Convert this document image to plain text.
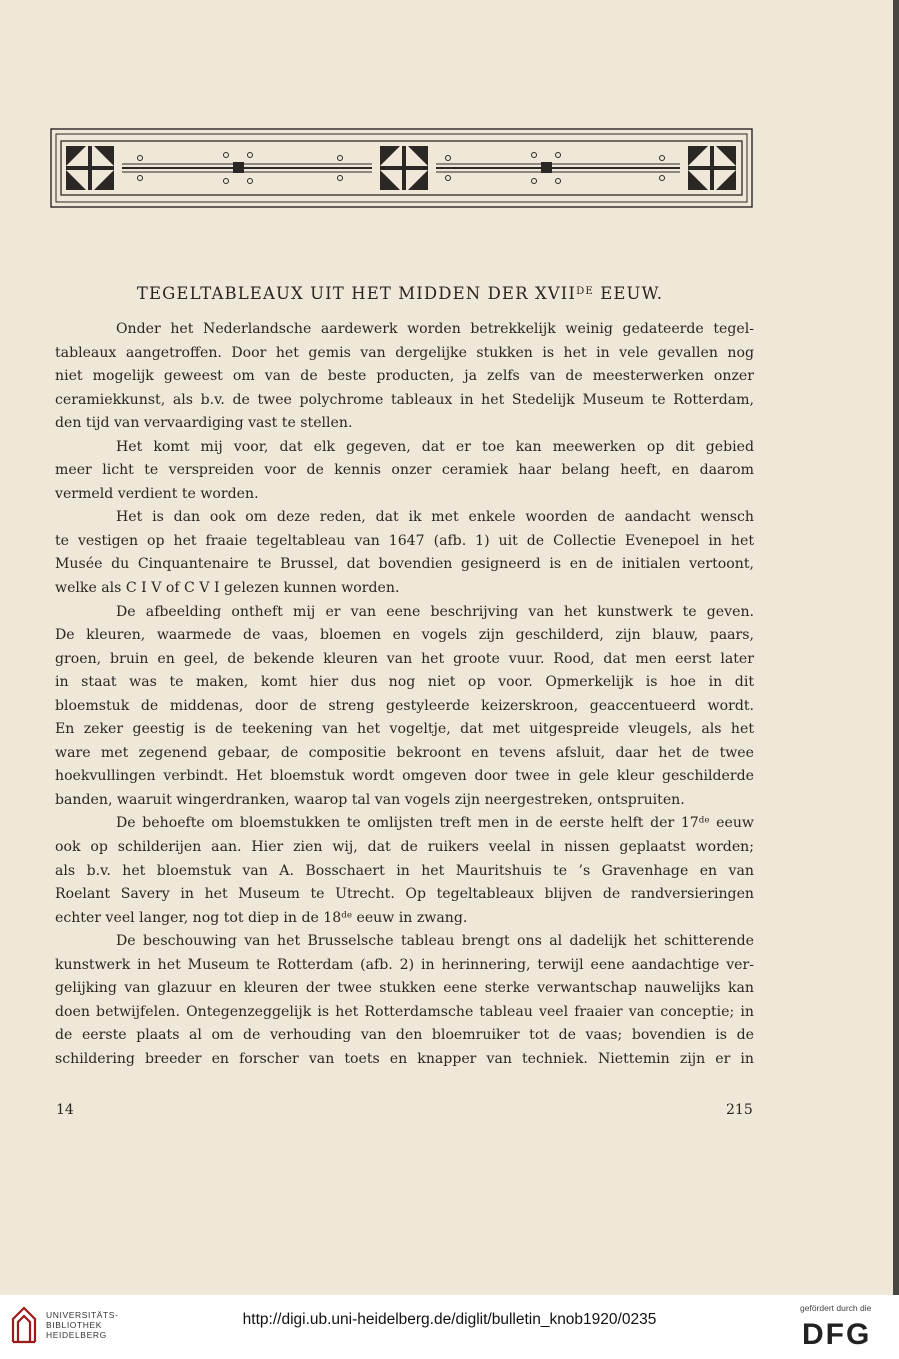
TEGELTABLEAUX UIT HET MIDDEN DER XVIIDE EEUW.

Onder het Nederlandsche aardewerk worden betrekkelijk weinig gedateerde tegel-
tableaux aangetroffen. Door het gemis van dergelijke stukken is het in vele gevallen nog
niet mogelijk geweest om van de beste producten, ja zelfs van de meesterwerken onzer
ceramiekkunst, als b.v. de twee polychrome tableaux in het Stedelijk Museum te Rotterdam,
den tijd van vervaardiging vast te stellen.

Het komt mij voor, dat elk gegeven, dat er toe kan meewerken op dit gebied
meer licht te verspreiden voor de kennis onzer ceramiek haar belang heeft, en daarom
vermeld verdient te worden.

Het is dan ook om deze reden, dat ik met enkele woorden de aandacht wensch
te vestigen op het fraaie tegeltableau van 1647 (afb. 1) uit de Collectie Evenepoel in het
Musée du Cinquantenaire te Brussel, dat bovendien gesigneerd is en de initialen vertoont,
welke als C I V of C V I gelezen kunnen worden.

De afbeelding ontheft mij er van eene beschrijving van het kunstwerk te geven.
De kleuren, waarmede de vaas, bloemen en vogels zijn geschilderd, zijn blauw, paars,
groen, bruin en geel, de bekende kleuren van het groote vuur. Rood, dat men eerst later
in staat was te maken, komt hier dus nog niet op voor. Opmerkelijk is hoe in dit
bloemstuk de middenas, door de streng gestyleerde keizerskroon, geaccentueerd wordt.
En zeker geestig is de teekening van het vogeltje, dat met uitgespreide vleugels, als het
ware met zegenend gebaar, de compositie bekroont en tevens afsluit, daar het de twee
hoekvullingen verbindt. Het bloemstuk wordt omgeven door twee in gele kleur geschilderde
banden, waaruit wingerdranken, waarop tal van vogels zijn neergestreken, ontspruiten.

De behoefte om bloemstukken te omlijsten treft men in de eerste helft der 17de eeuw
ook op schilderijen aan. Hier zien wij, dat de ruikers veelal in nissen geplaatst worden;
als b.v. het bloemstuk van A. Bosschaert in het Mauritshuis te ’s Gravenhage en van
Roelant Savery in het Museum te Utrecht. Op tegeltableaux blijven de randversieringen
echter veel langer, nog tot diep in de 18de eeuw in zwang.

De beschouwing van het Brusselsche tableau brengt ons al dadelijk het schitterende
kunstwerk in het Museum te Rotterdam (afb. 2) in herinnering, terwijl eene aandachtige ver-
gelijking van glazuur en kleuren der twee stukken eene sterke verwantschap nauwelijks kan
doen betwijfelen. Ontegenzeggelijk is het Rotterdamsche tableau veel fraaier van conceptie; in
de eerste plaats al om de verhouding van den bloemruiker tot de vaas; bovendien is de
schildering breeder en forscher van toets en knapper van techniek. Niettemin zijn er in

14	215
UNIVERSITÄTS-
BIBLIOTHEK
HEIDELBERG
http://digi.ub.uni-heidelberg.de/diglit/bulletin_knob1920/0235
gefördert durch die
DFG
